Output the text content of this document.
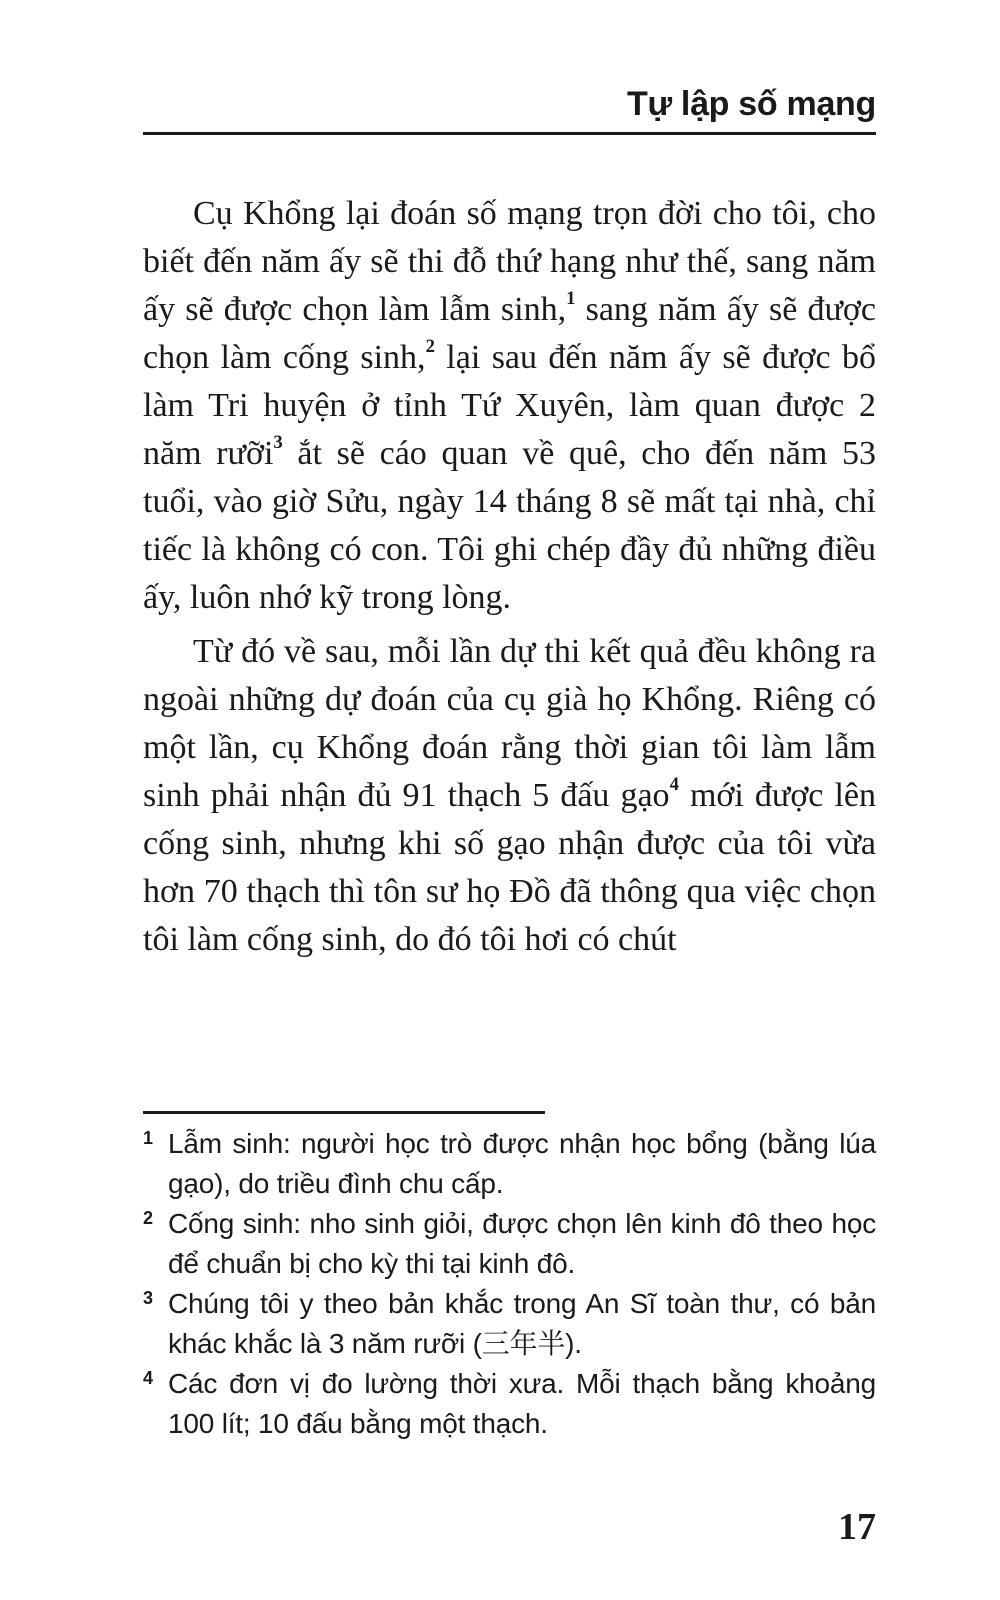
Tự lập số mạng

Cụ Khổng lại đoán số mạng trọn đời cho tôi, cho biết đến năm ấy sẽ thi đỗ thứ hạng như thế, sang năm ấy sẽ được chọn làm lẫm sinh,$^1$ sang năm ấy sẽ được chọn làm cống sinh,$^2$ lại sau đến năm ấy sẽ được bổ làm Tri huyện ở tỉnh Tứ Xuyên, làm quan được 2 năm rưỡi$^3$ ắt sẽ cáo quan về quê, cho đến năm 53 tuổi, vào giờ Sửu, ngày 14 tháng 8 sẽ mất tại nhà, chỉ tiếc là không có con. Tôi ghi chép đầy đủ những điều ấy, luôn nhớ kỹ trong lòng.

Từ đó về sau, mỗi lần dự thi kết quả đều không ra ngoài những dự đoán của cụ già họ Khổng. Riêng có một lần, cụ Khổng đoán rằng thời gian tôi làm lẫm sinh phải nhận đủ 91 thạch 5 đấu gạo$^4$ mới được lên cống sinh, nhưng khi số gạo nhận được của tôi vừa hơn 70 thạch thì tôn sư họ Đồ đã thông qua việc chọn tôi làm cống sinh, do đó tôi hơi có chút

1 Lẫm sinh: người học trò được nhận học bổng (bằng lúa gạo), do triều đình chu cấp.
2 Cống sinh: nho sinh giỏi, được chọn lên kinh đô theo học để chuẩn bị cho kỳ thi tại kinh đô.
3 Chúng tôi y theo bản khắc trong An Sĩ toàn thư, có bản khác khắc là 3 năm rưỡi (三年半).
4 Các đơn vị đo lường thời xưa. Mỗi thạch bằng khoảng 100 lít; 10 đấu bằng một thạch.
17
